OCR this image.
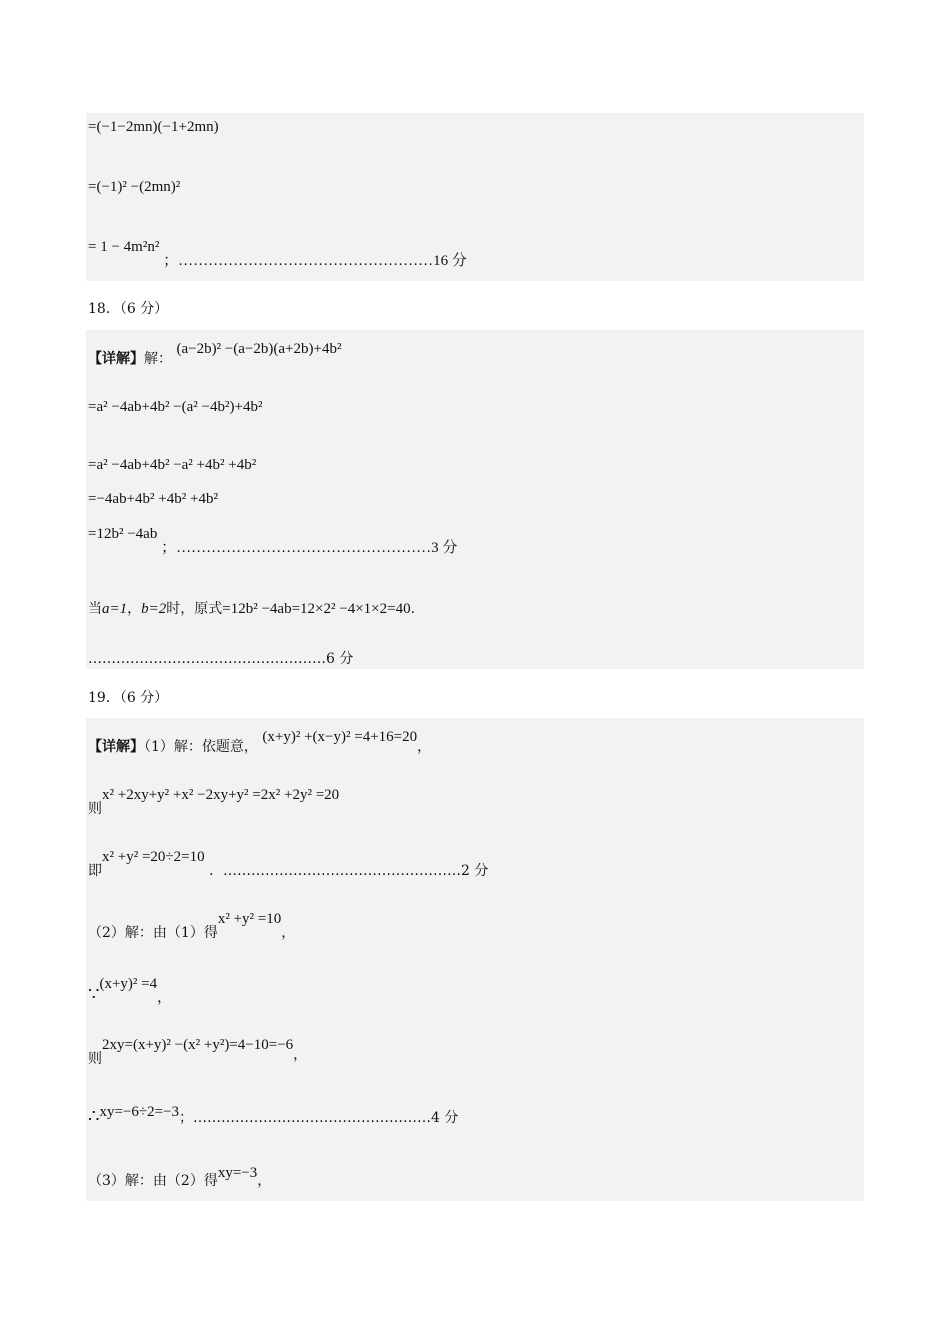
=(−1−2mn)(−1+2mn)
=(−1)² −(2mn)²
= 1 − 4m²n² ；……………………………………………16 分
18．（6 分）
【详解】解： (a−2b)² −(a−2b)(a+2b)+4b²
=a² −4ab+4b² −(a² −4b²)+4b²
=a² −4ab+4b² −a² +4b² +4b²
=−4ab+4b² +4b² +4b²
=12b² −4ab ；……………………………………………3 分
当a=1，b=2时，原式=12b² −4ab=12×2² −4×1×2=40．
……………………………………………6 分
19．（6 分）
【详解】（1）解：依题意， (x+y)² +(x−y)² =4+16=20，
则x² +2xy+y² +x² −2xy+y² =2x² +2y² =20
即x² +y² =20÷2=10 ．……………………………………………2 分
（2）解：由（1）得x² +y² =10，
∵(x+y)² =4，
则2xy=(x+y)² −(x² +y²)=4−10=−6，
∴xy=−6÷2=−3；……………………………………………4 分
（3）解：由（2）得xy=−3，
